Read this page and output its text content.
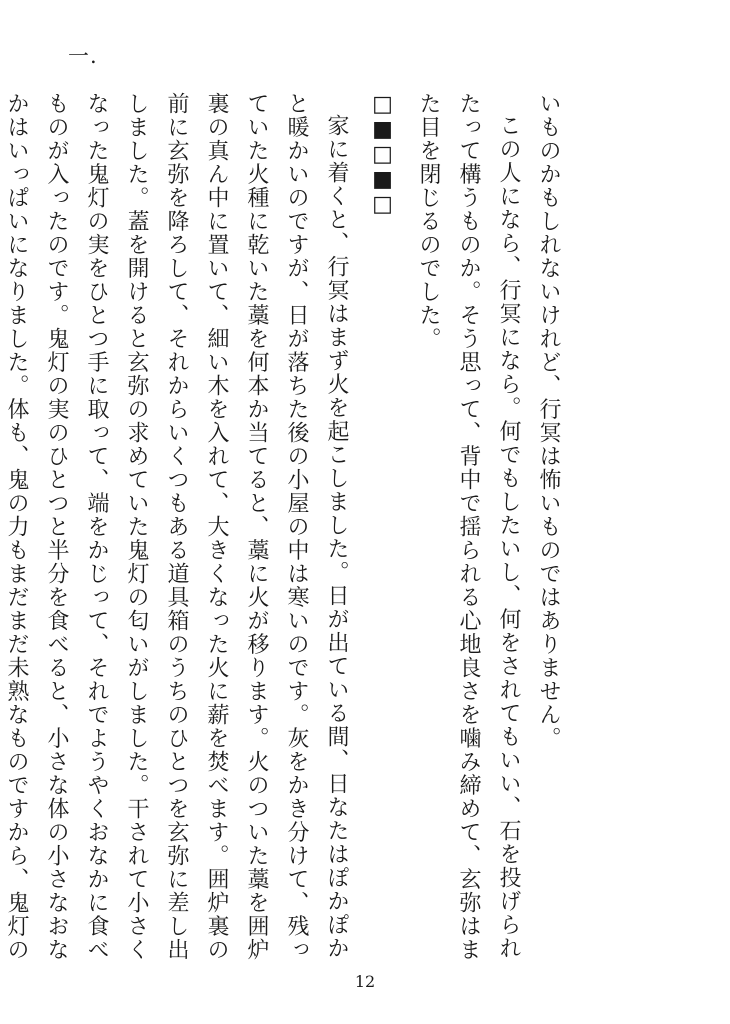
一.

いものかもしれないけれど、行冥は怖いものではありません。

この人になら、行冥になら。何でもしたいし、何をされてもいい、石を投げられたって構うものか。そう思って、背中で揺られる心地良さを噛み締めて、玄弥はまた目を閉じるのでした。

□■□■□

家に着くと、行冥はまず火を起こしました。日が出ている間、日なたはぽかぽかと暖かいのですが、日が落ちた後の小屋の中は寒いのです。灰をかき分けて、残っていた火種に乾いた藁を何本か当てると、藁に火が移ります。火のついた藁を囲炉裏の真ん中に置いて、細い木を入れて、大きくなった火に薪を焚べます。囲炉裏の前に玄弥を降ろして、それからいくつもある道具箱のうちのひとつを玄弥に差し出しました。蓋を開けると玄弥の求めていた鬼灯の匂いがしました。干されて小さくなった鬼灯の実をひとつ手に取って、端をかじって、それでようやくおなかに食べものが入ったのです。鬼灯の実のひとつと半分を食べると、小さな体の小さなおなかはいっぱいになりました。体も、鬼の力もまだまだ未熟なものですから、鬼灯の

12
